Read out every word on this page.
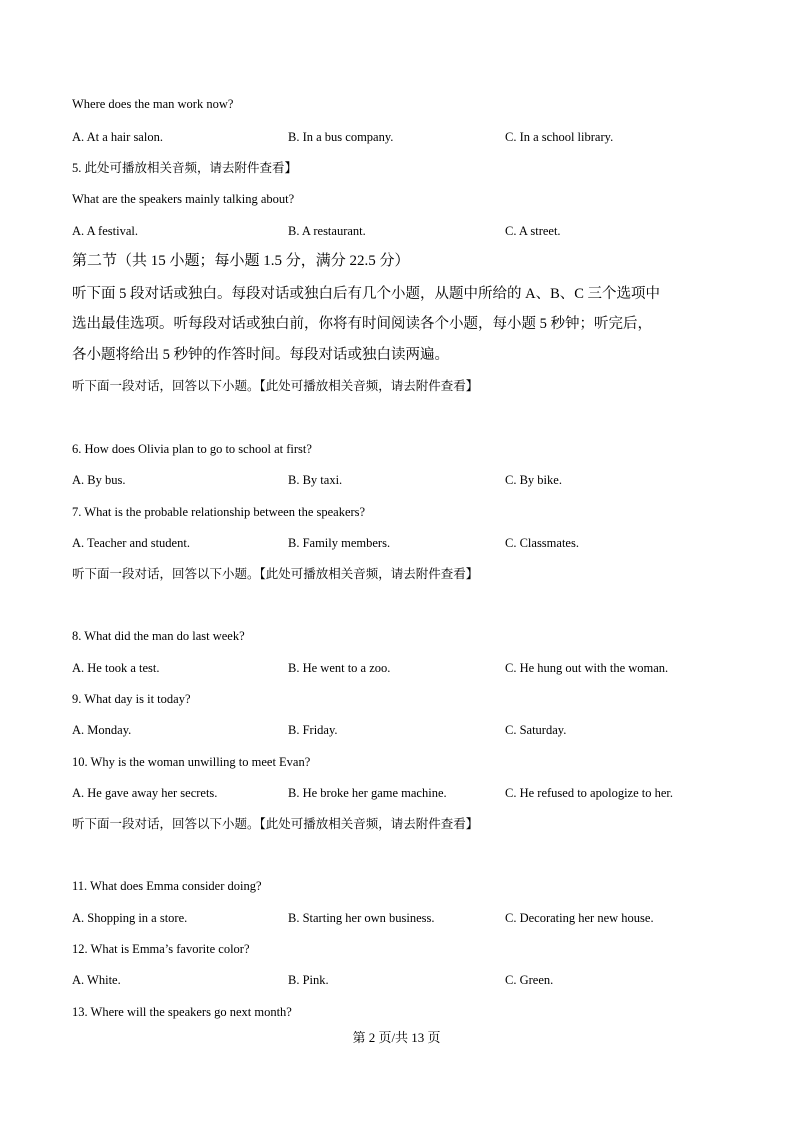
Where does the man work now?
A. At a hair salon.	B. In a bus company.	C. In a school library.
5. 此处可播放相关音频，请去附件查看】
What are the speakers mainly talking about?
A. A festival.	B. A restaurant.	C. A street.
第二节（共 15 小题；每小题 1.5 分，满分 22.5 分）
听下面 5 段对话或独白。每段对话或独白后有几个小题，从题中所给的 A、B、C 三个选项中
选出最佳选项。听每段对话或独白前，你将有时间阅读各个小题，每小题 5 秒钟；听完后，
各小题将给出 5 秒钟的作答时间。每段对话或独白读两遍。
听下面一段对话，回答以下小题。【此处可播放相关音频，请去附件查看】
6. How does Olivia plan to go to school at first?
A. By bus.	B. By taxi.	C. By bike.
7. What is the probable relationship between the speakers?
A. Teacher and student.	B. Family members.	C. Classmates.
听下面一段对话，回答以下小题。【此处可播放相关音频，请去附件查看】
8. What did the man do last week?
A. He took a test.	B. He went to a zoo.	C. He hung out with the woman.
9. What day is it today?
A. Monday.	B. Friday.	C. Saturday.
10. Why is the woman unwilling to meet Evan?
A. He gave away her secrets.	B. He broke her game machine.	C. He refused to apologize to her.
听下面一段对话，回答以下小题。【此处可播放相关音频，请去附件查看】
11. What does Emma consider doing?
A. Shopping in a store.	B. Starting her own business.	C. Decorating her new house.
12. What is Emma’s favorite color?
A. White.	B. Pink.	C. Green.
13. Where will the speakers go next month?
第 2 页/共 13 页
